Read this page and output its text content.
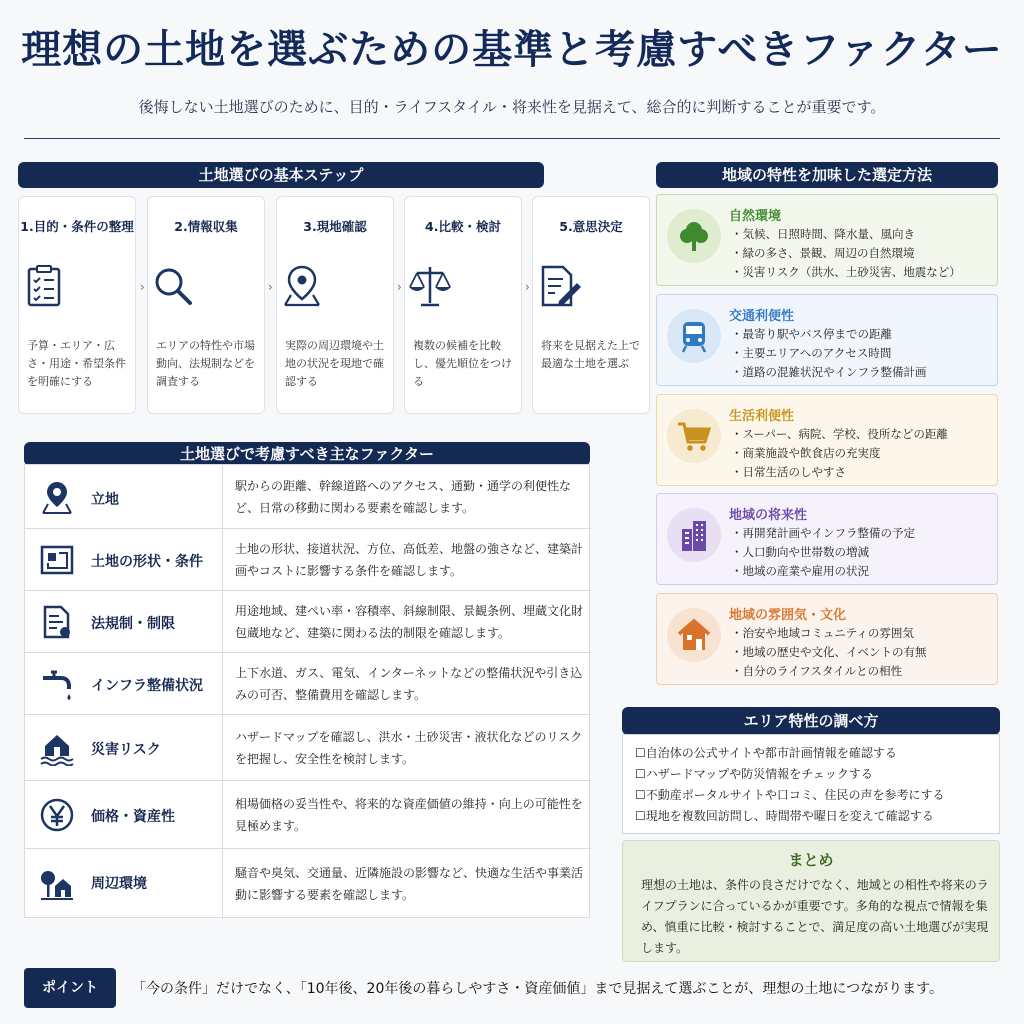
理想の土地を選ぶための基準と考慮すべきファクター
後悔しない土地選びのために、目的・ライフスタイル・将来性を見据えて、総合的に判断することが重要です。
土地選びの基本ステップ
1.目的・条件の整理
予算・エリア・広さ・用途・希望条件を明確にする
›
2.情報収集
エリアの特性や市場動向、法規制などを調査する
›
3.現地確認
実際の周辺環境や土地の状況を現地で確認する
›
4.比較・検討
複数の候補を比較し、優先順位をつける
›
5.意思決定
将来を見据えた上で最適な土地を選ぶ
土地選びで考慮すべき主なファクター
立地
駅からの距離、幹線道路へのアクセス、通勤・通学の利便性など、日常の移動に関わる要素を確認します。
土地の形状・条件
土地の形状、接道状況、方位、高低差、地盤の強さなど、建築計画やコストに影響する条件を確認します。
法規制・制限
用途地域、建ぺい率・容積率、斜線制限、景観条例、埋蔵文化財包蔵地など、建築に関わる法的制限を確認します。
インフラ整備状況
上下水道、ガス、電気、インターネットなどの整備状況や引き込みの可否、整備費用を確認します。
災害リスク
ハザードマップを確認し、洪水・土砂災害・液状化などのリスクを把握し、安全性を検討します。
価格・資産性
相場価格の妥当性や、将来的な資産価値の維持・向上の可能性を見極めます。
周辺環境
騒音や臭気、交通量、近隣施設の影響など、快適な生活や事業活動に影響する要素を確認します。
地域の特性を加味した選定方法
自然環境
・気候、日照時間、降水量、風向き
・緑の多さ、景観、周辺の自然環境
・災害リスク（洪水、土砂災害、地震など）
交通利便性
・最寄り駅やバス停までの距離
・主要エリアへのアクセス時間
・道路の混雑状況やインフラ整備計画
生活利便性
・スーパー、病院、学校、役所などの距離
・商業施設や飲食店の充実度
・日常生活のしやすさ
地域の将来性
・再開発計画やインフラ整備の予定
・人口動向や世帯数の増減
・地域の産業や雇用の状況
地域の雰囲気・文化
・治安や地域コミュニティの雰囲気
・地域の歴史や文化、イベントの有無
・自分のライフスタイルとの相性
エリア特性の調べ方
☐ 自治体の公式サイトや都市計画情報を確認する
☐ ハザードマップや防災情報をチェックする
☐ 不動産ポータルサイトや口コミ、住民の声を参考にする
☐ 現地を複数回訪問し、時間帯や曜日を変えて確認する
まとめ
理想の土地は、条件の良さだけでなく、地域との相性や将来のライフプランに合っているかが重要です。多角的な視点で情報を集め、慎重に比較・検討することで、満足度の高い土地選びが実現します。
ポイント	「今の条件」だけでなく、「10年後、20年後の暮らしやすさ・資産価値」まで見据えて選ぶことが、理想の土地につながります。
